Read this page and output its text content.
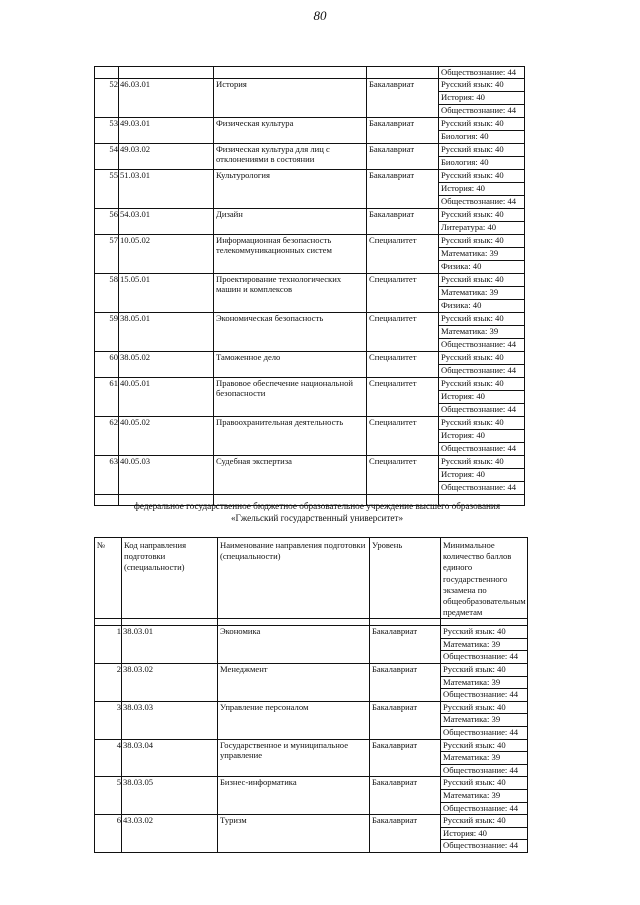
80
				Обществознание: 44
52	46.03.01	История	Бакалавриат	Русский язык: 40
				История: 40
				Обществознание: 44
53	49.03.01	Физическая культура	Бакалавриат	Русский язык: 40
				Биология: 40
54	49.03.02	Физическая культура для лиц с отклонениями в состоянии	Бакалавриат	Русский язык: 40
				Биология: 40
55	51.03.01	Культурология	Бакалавриат	Русский язык: 40
				История: 40
				Обществознание: 44
56	54.03.01	Дизайн	Бакалавриат	Русский язык: 40
				Литература: 40
57	10.05.02	Информационная безопасность телекоммуникационных систем	Специалитет	Русский язык: 40
				Математика: 39
				Физика: 40
58	15.05.01	Проектирование технологических машин и комплексов	Специалитет	Русский язык: 40
				Математика: 39
				Физика: 40
59	38.05.01	Экономическая безопасность	Специалитет	Русский язык: 40
				Математика: 39
				Обществознание: 44
60	38.05.02	Таможенное дело	Специалитет	Русский язык: 40
				Обществознание: 44
61	40.05.01	Правовое обеспечение национальной безопасности	Специалитет	Русский язык: 40
				История: 40
				Обществознание: 44
62	40.05.02	Правоохранительная деятельность	Специалитет	Русский язык: 40
				История: 40
				Обществознание: 44
63	40.05.03	Судебная экспертиза	Специалитет	Русский язык: 40
				История: 40
				Обществознание: 44

федеральное государственное бюджетное образовательное учреждение высшего образования «Гжельский государственный университет»
№	Код направления подготовки (специальности)	Наименование направления подготовки (специальности)	Уровень	Минимальное количество баллов единого государственного экзамена по общеобразовательным предметам

1	38.03.01	Экономика	Бакалавриат	Русский язык: 40
				Математика: 39
				Обществознание: 44
2	38.03.02	Менеджмент	Бакалавриат	Русский язык: 40
				Математика: 39
				Обществознание: 44
3	38.03.03	Управление персоналом	Бакалавриат	Русский язык: 40
				Математика: 39
				Обществознание: 44
4	38.03.04	Государственное и муниципальное управление	Бакалавриат	Русский язык: 40
				Математика: 39
				Обществознание: 44
5	38.03.05	Бизнес-информатика	Бакалавриат	Русский язык: 40
				Математика: 39
				Обществознание: 44
6	43.03.02	Туризм	Бакалавриат	Русский язык: 40
				История: 40
				Обществознание: 44
